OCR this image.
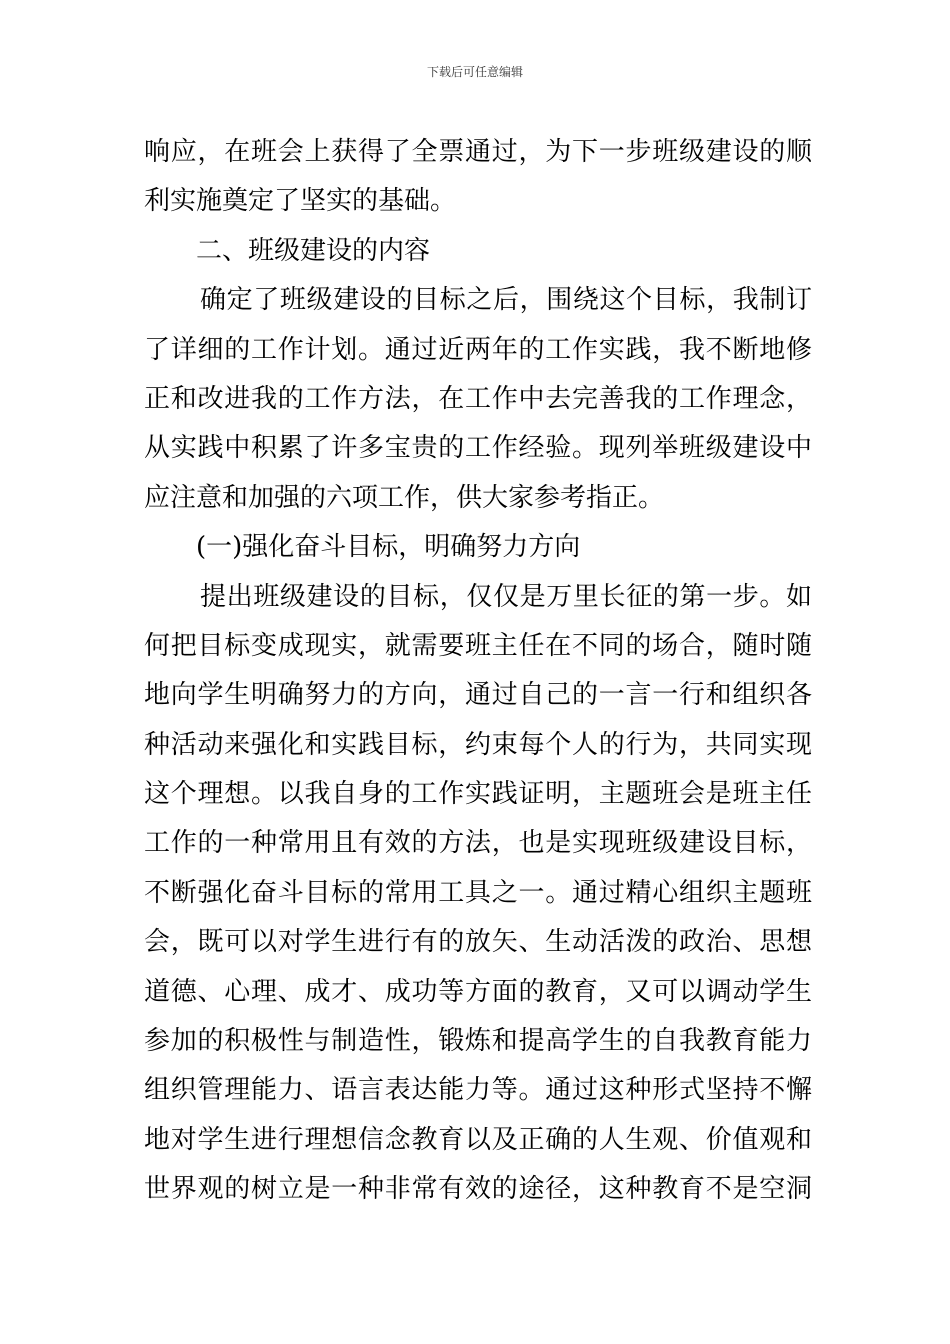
下载后可任意编辑
响应，在班会上获得了全票通过，为下一步班级建设的顺
利实施奠定了坚实的基础。
二、班级建设的内容
确定了班级建设的目标之后，围绕这个目标，我制订
了详细的工作计划。通过近两年的工作实践，我不断地修
正和改进我的工作方法，在工作中去完善我的工作理念，
从实践中积累了许多宝贵的工作经验。现列举班级建设中
应注意和加强的六项工作，供大家参考指正。
(一)强化奋斗目标，明确努力方向
提出班级建设的目标，仅仅是万里长征的第一步。如
何把目标变成现实，就需要班主任在不同的场合，随时随
地向学生明确努力的方向，通过自己的一言一行和组织各
种活动来强化和实践目标，约束每个人的行为，共同实现
这个理想。以我自身的工作实践证明，主题班会是班主任
工作的一种常用且有效的方法，也是实现班级建设目标，
不断强化奋斗目标的常用工具之一。通过精心组织主题班
会，既可以对学生进行有的放矢、生动活泼的政治、思想
道德、心理、成才、成功等方面的教育，又可以调动学生
参加的积极性与制造性，锻炼和提高学生的自我教育能力
组织管理能力、语言表达能力等。通过这种形式坚持不懈
地对学生进行理想信念教育以及正确的人生观、价值观和
世界观的树立是一种非常有效的途径，这种教育不是空洞
